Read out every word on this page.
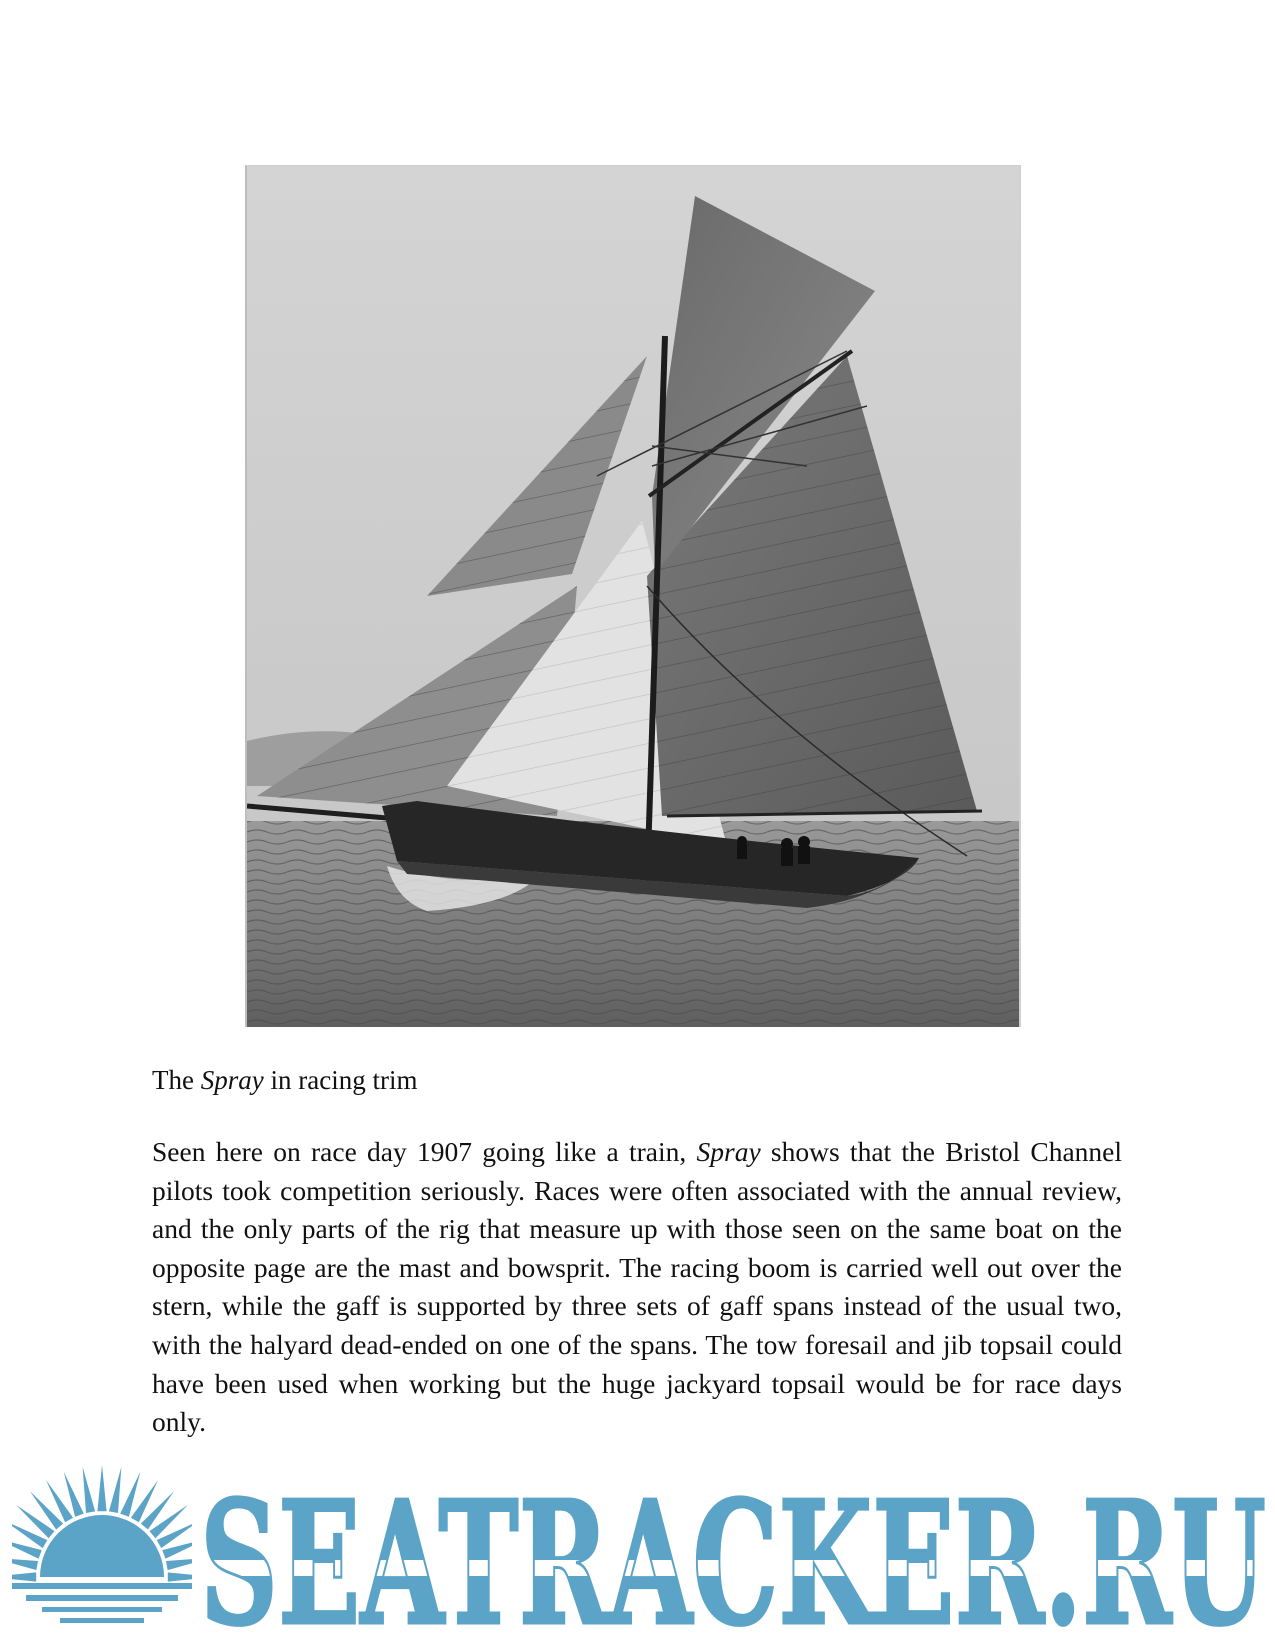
The Spray in racing trim

Seen here on race day 1907 going like a train, Spray shows that the Bristol Channel pilots took competition seriously. Races were often associated with the annual review, and the only parts of the rig that measure up with those seen on the same boat on the opposite page are the mast and bowsprit. The racing boom is carried well out over the stern, while the gaff is supported by three sets of gaff spans instead of the usual two, with the halyard dead-ended on one of the spans. The tow foresail and jib topsail could have been used when working but the huge jackyard topsail would be for race days only.

SEATRACKER.RU
